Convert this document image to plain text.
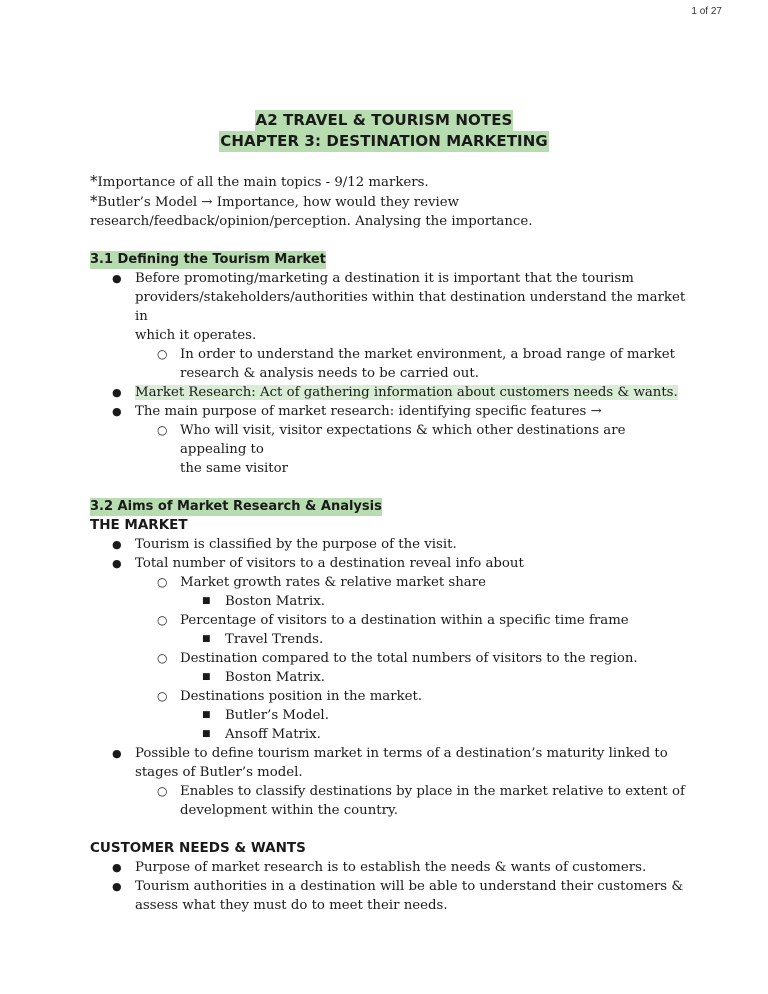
1 of 27
A2 TRAVEL & TOURISM NOTES
CHAPTER 3: DESTINATION MARKETING
*Importance of all the main topics - 9/12 markers.
*Butler’s Model → Importance, how would they review
research/feedback/opinion/perception. Analysing the importance.
3.1 Defining the Tourism Market
● Before promoting/marketing a destination it is important that the tourism
providers/stakeholders/authorities within that destination understand the market in
which it operates.
○ In order to understand the market environment, a broad range of market
research & analysis needs to be carried out.
● Market Research: Act of gathering information about customers needs & wants.
● The main purpose of market research: identifying specific features →
○ Who will visit, visitor expectations & which other destinations are appealing to
the same visitor
3.2 Aims of Market Research & Analysis
THE MARKET
● Tourism is classified by the purpose of the visit.
● Total number of visitors to a destination reveal info about
○ Market growth rates & relative market share
■ Boston Matrix.
○ Percentage of visitors to a destination within a specific time frame
■ Travel Trends.
○ Destination compared to the total numbers of visitors to the region.
■ Boston Matrix.
○ Destinations position in the market.
■ Butler’s Model.
■ Ansoff Matrix.
● Possible to define tourism market in terms of a destination’s maturity linked to
stages of Butler’s model.
○ Enables to classify destinations by place in the market relative to extent of
development within the country.
CUSTOMER NEEDS & WANTS
● Purpose of market research is to establish the needs & wants of customers.
● Tourism authorities in a destination will be able to understand their customers &
assess what they must do to meet their needs.
